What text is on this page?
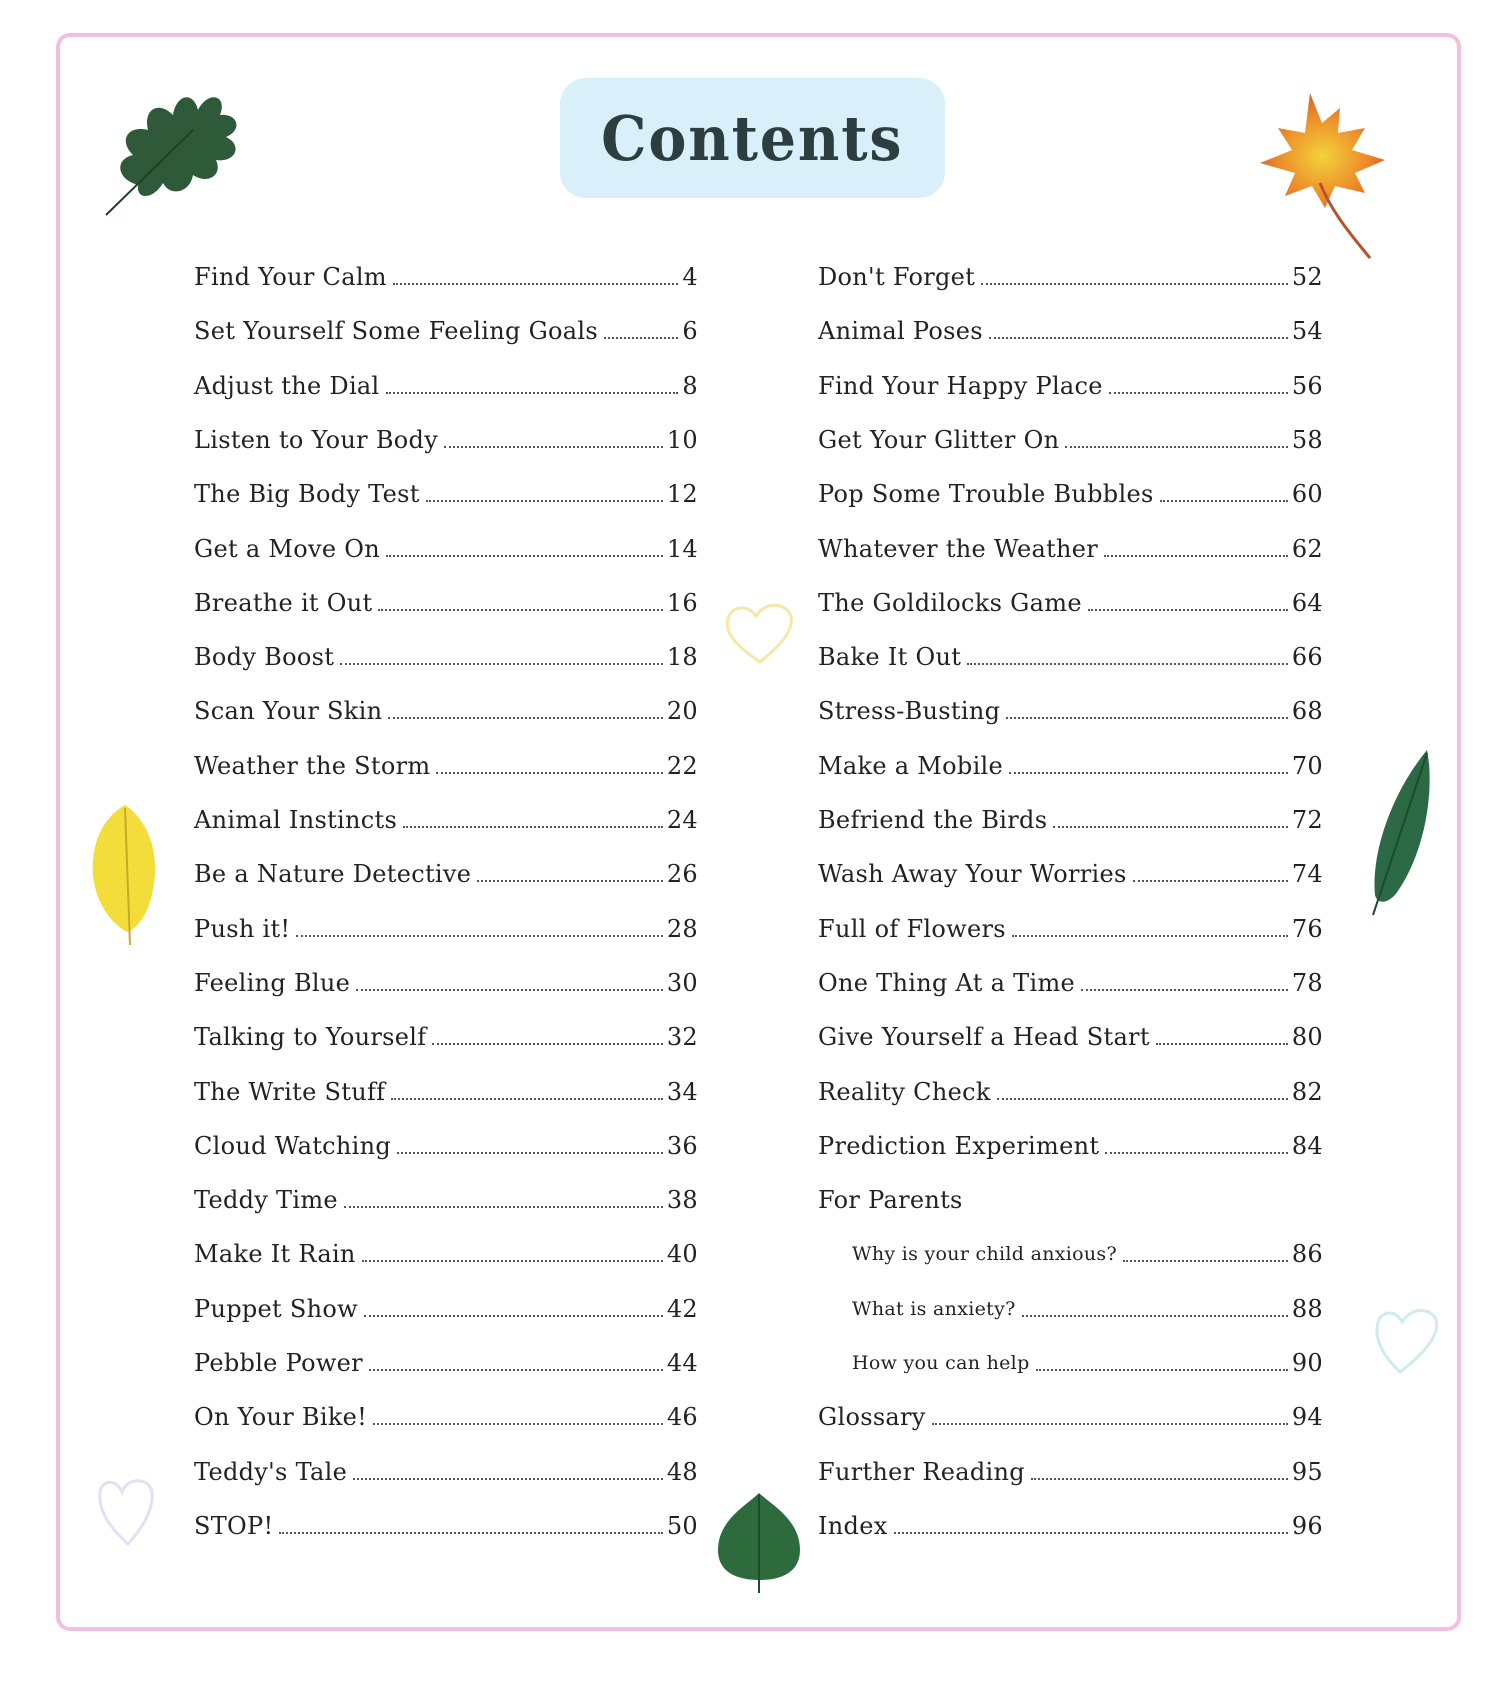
Contents
Find Your Calm	4
Set Yourself Some Feeling Goals	6
Adjust the Dial	8
Listen to Your Body	10
The Big Body Test	12
Get a Move On	14
Breathe it Out	16
Body Boost	18
Scan Your Skin	20
Weather the Storm	22
Animal Instincts	24
Be a Nature Detective	26
Push it!	28
Feeling Blue	30
Talking to Yourself	32
The Write Stuff	34
Cloud Watching	36
Teddy Time	38
Make It Rain	40
Puppet Show	42
Pebble Power	44
On Your Bike!	46
Teddy's Tale	48
STOP!	50
Don't Forget	52
Animal Poses	54
Find Your Happy Place	56
Get Your Glitter On	58
Pop Some Trouble Bubbles	60
Whatever the Weather	62
The Goldilocks Game	64
Bake It Out	66
Stress-Busting	68
Make a Mobile	70
Befriend the Birds	72
Wash Away Your Worries	74
Full of Flowers	76
One Thing At a Time	78
Give Yourself a Head Start	80
Reality Check	82
Prediction Experiment	84
For Parents
Why is your child anxious?	86
What is anxiety?	88
How you can help	90
Glossary	94
Further Reading	95
Index	96
